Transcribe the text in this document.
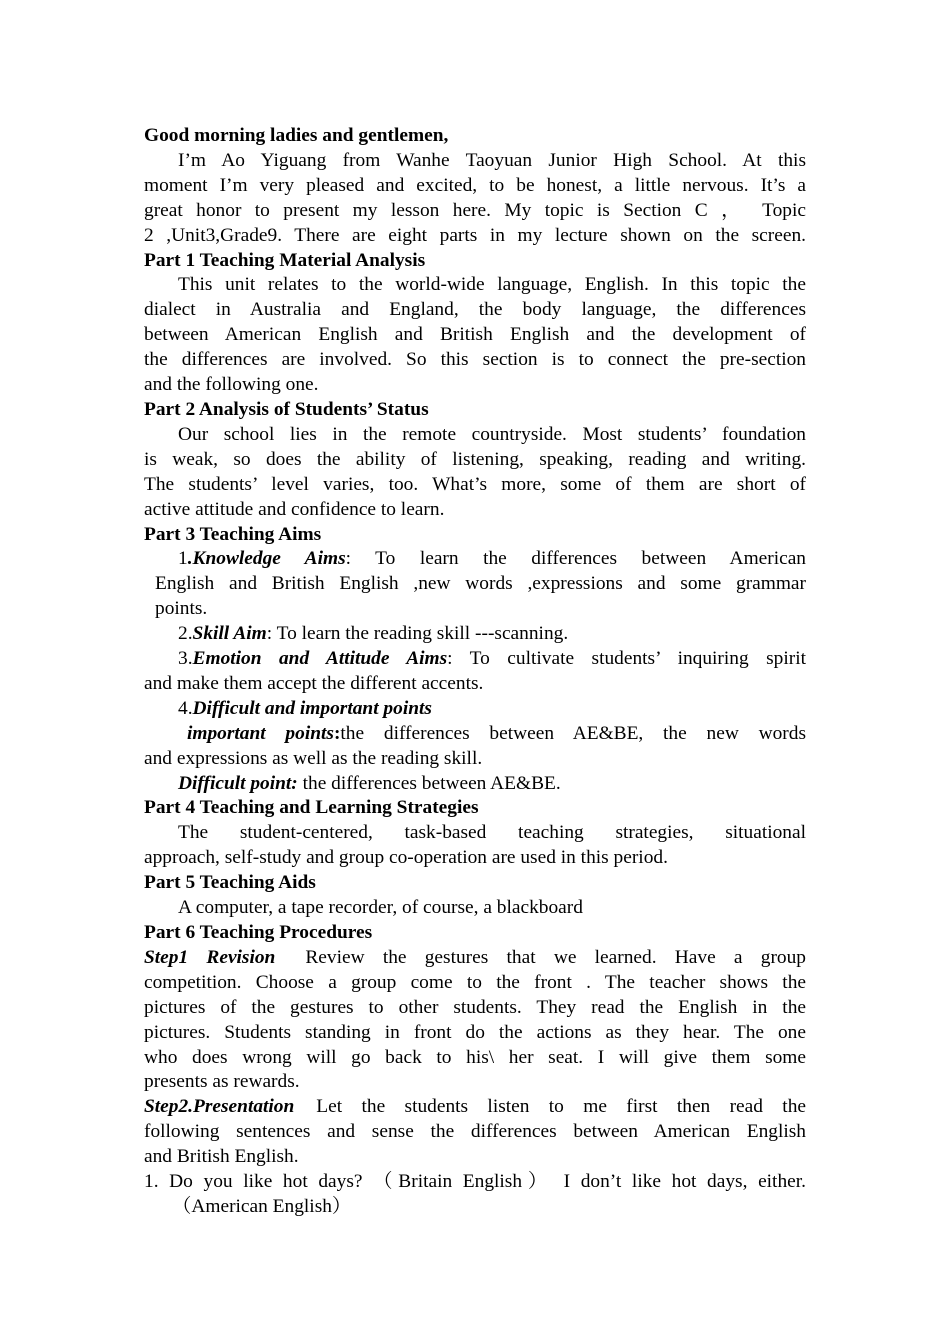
Good morning ladies and gentlemen,
I’m Ao Yiguang from Wanhe Taoyuan Junior High School. At this
moment I’m very pleased and excited, to be honest, a little nervous. It’s a
great honor to present my lesson here. My topic is Section C ， Topic
2 ,Unit3,Grade9. There are eight parts in my lecture shown on the screen.
Part 1 Teaching Material Analysis
This unit relates to the world-wide language, English. In this topic the
dialect in Australia and England, the body language, the differences
between American English and British English and the development of
the differences are involved. So this section is to connect the pre-section
and the following one.
Part 2 Analysis of Students’ Status
Our school lies in the remote countryside. Most students’ foundation
is weak, so does the ability of listening, speaking, reading and writing.
The students’ level varies, too. What’s more, some of them are short of
active attitude and confidence to learn.
Part 3 Teaching Aims
1.Knowledge Aims: To learn the differences between American
English and British English ,new words ,expressions and some grammar
points.
2.Skill Aim: To learn the reading skill ---scanning.
3.Emotion and Attitude Aims: To cultivate students’ inquiring spirit
and make them accept the different accents.
4.Difficult and important points
important points:the differences between AE&BE, the new words
and expressions as well as the reading skill.
Difficult point: the differences between AE&BE.
Part 4 Teaching and Learning Strategies
The student-centered, task-based teaching strategies, situational
approach, self-study and group co-operation are used in this period.
Part 5 Teaching Aids
A computer, a tape recorder, of course, a blackboard
Part 6 Teaching Procedures
Step1 Revision Review the gestures that we learned. Have a group
competition. Choose a group come to the front . The teacher shows the
pictures of the gestures to other students. They read the English in the
pictures. Students standing in front do the actions as they hear. The one
who does wrong will go back to his\ her seat. I will give them some
presents as rewards.
Step2.Presentation Let the students listen to me first then read the
following sentences and sense the differences between American English
and British English.
1. Do you like hot days? （Britain English） I don’t like hot days, either.
（American English）
